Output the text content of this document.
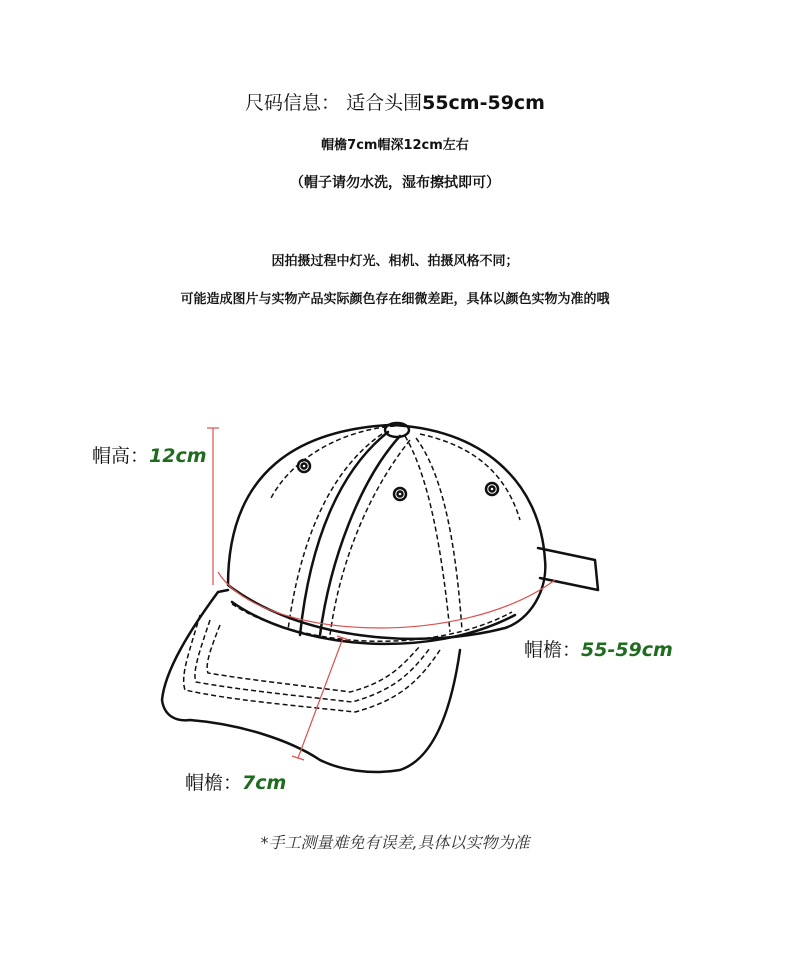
尺码信息： 适合头围55cm-59cm
帽檐7cm帽深12cm左右
（帽子请勿水洗，湿布擦拭即可）
因拍摄过程中灯光、相机、拍摄风格不同；
可能造成图片与实物产品实际颜色存在细微差距，具体以颜色实物为准的哦
帽高：12cm
帽檐：55-59cm
帽檐：7cm
*手工测量难免有误差,具体以实物为准
